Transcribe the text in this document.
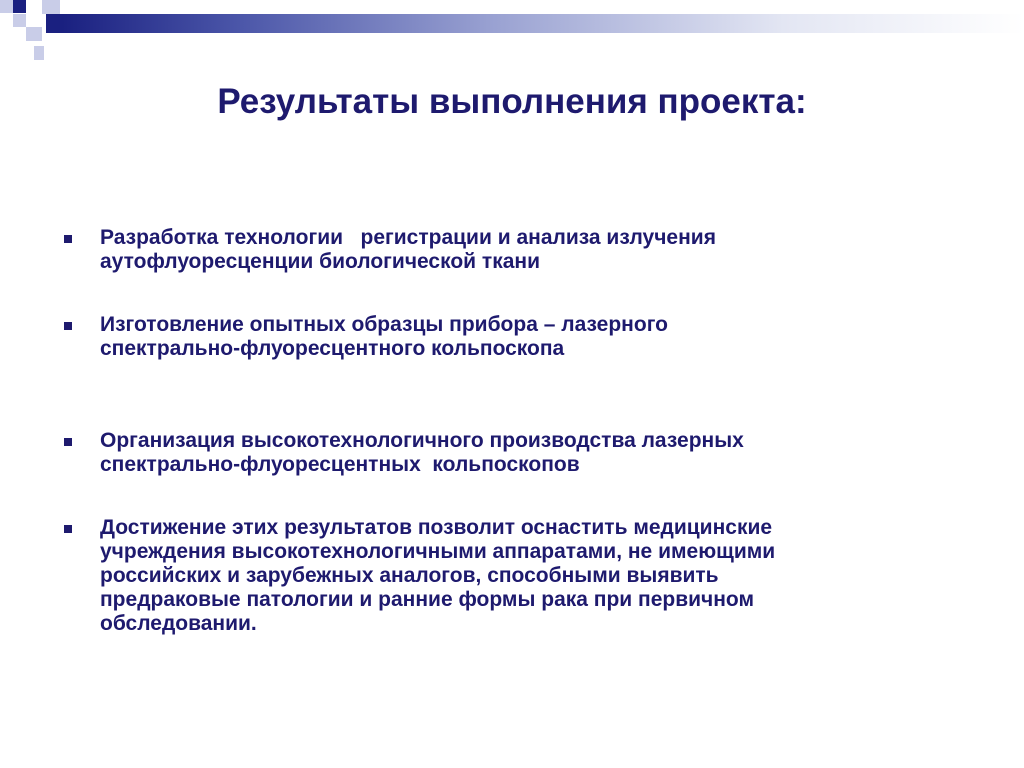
Результаты выполнения проекта:
Разработка технологии   регистрации и анализа излучения
аутофлуоресценции биологической ткани
Изготовление опытных образцы прибора – лазерного
спектрально-флуоресцентного кольпоскопа
Организация высокотехнологичного производства лазерных
спектрально-флуоресцентных  кольпоскопов
Достижение этих результатов позволит оснастить медицинские
учреждения высокотехнологичными аппаратами, не имеющими
российских и зарубежных аналогов, способными выявить
предраковые патологии и ранние формы рака при первичном
обследовании.
